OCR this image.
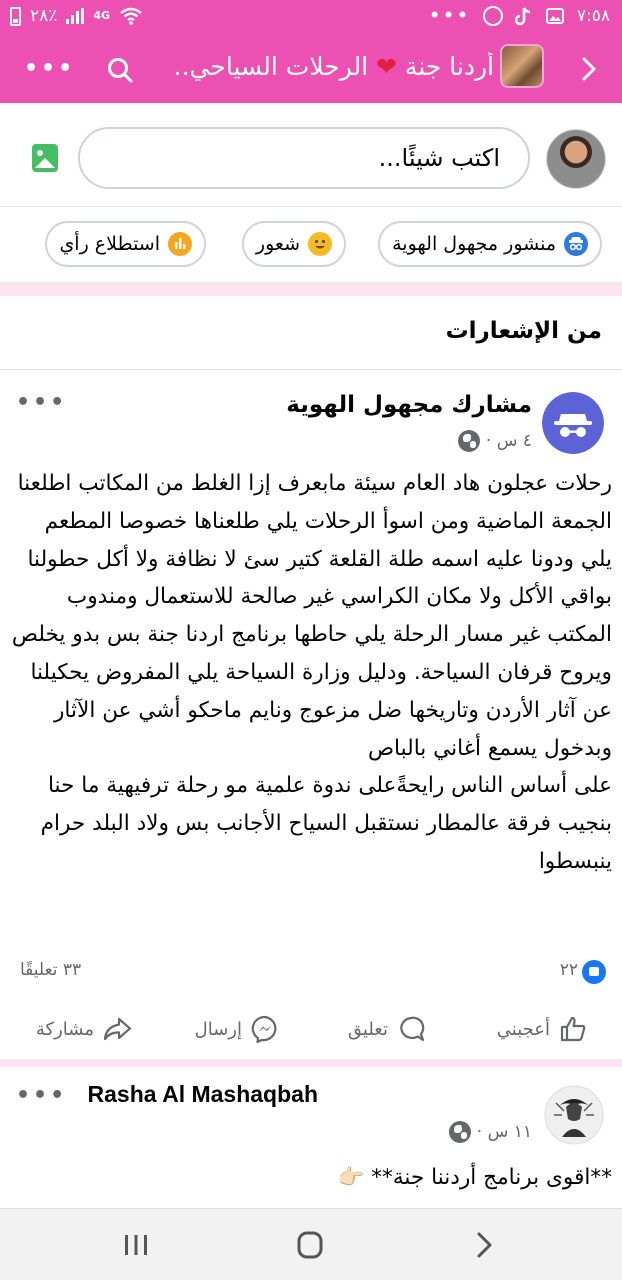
٢٨٪	4G	•••	٧:٥٨
•••	أردنا جنة ❤ الرحلات السياحي..
اكتب شيئًا...
منشور مجهول الهوية
شعور
استطلاع رأي
من الإشعارات
مشارك مجهول الهوية
٤ س ·
•••
رحلات عجلون هاد العام سيئة مابعرف إزا الغلط من المكاتب اطلعنا الجمعة الماضية ومن اسوأ الرحلات يلي طلعناها خصوصا المطعم يلي ودونا عليه اسمه طلة القلعة كتير سئ لا نظافة ولا أكل حطولنا بواقي الأكل ولا مكان الكراسي غير صالحة للاستعمال ومندوب المكتب غير مسار الرحلة يلي حاطها برنامج اردنا جنة بس بدو يخلص ويروح قرفان السياحة. ودليل وزارة السياحة يلي المفروض يحكيلنا عن آثار الأردن وتاريخها ضل مزعوج ونايم ماحكو أشي عن الآثار وبدخول يسمع أغاني بالباص
على أساس الناس رايحةًعلى ندوة علمية مو رحلة ترفيهية ما حنا بنجيب فرقة عالمطار نستقبل السياح الأجانب بس ولاد البلد حرام ينبسطوا
٢٢
٣٣ تعليقًا
أعجبني
تعليق
إرسال
مشاركة
Rasha Al Mashaqbah
١١ س ·
•••
**اقوى برنامج أردننا جنة** 👉🏻
